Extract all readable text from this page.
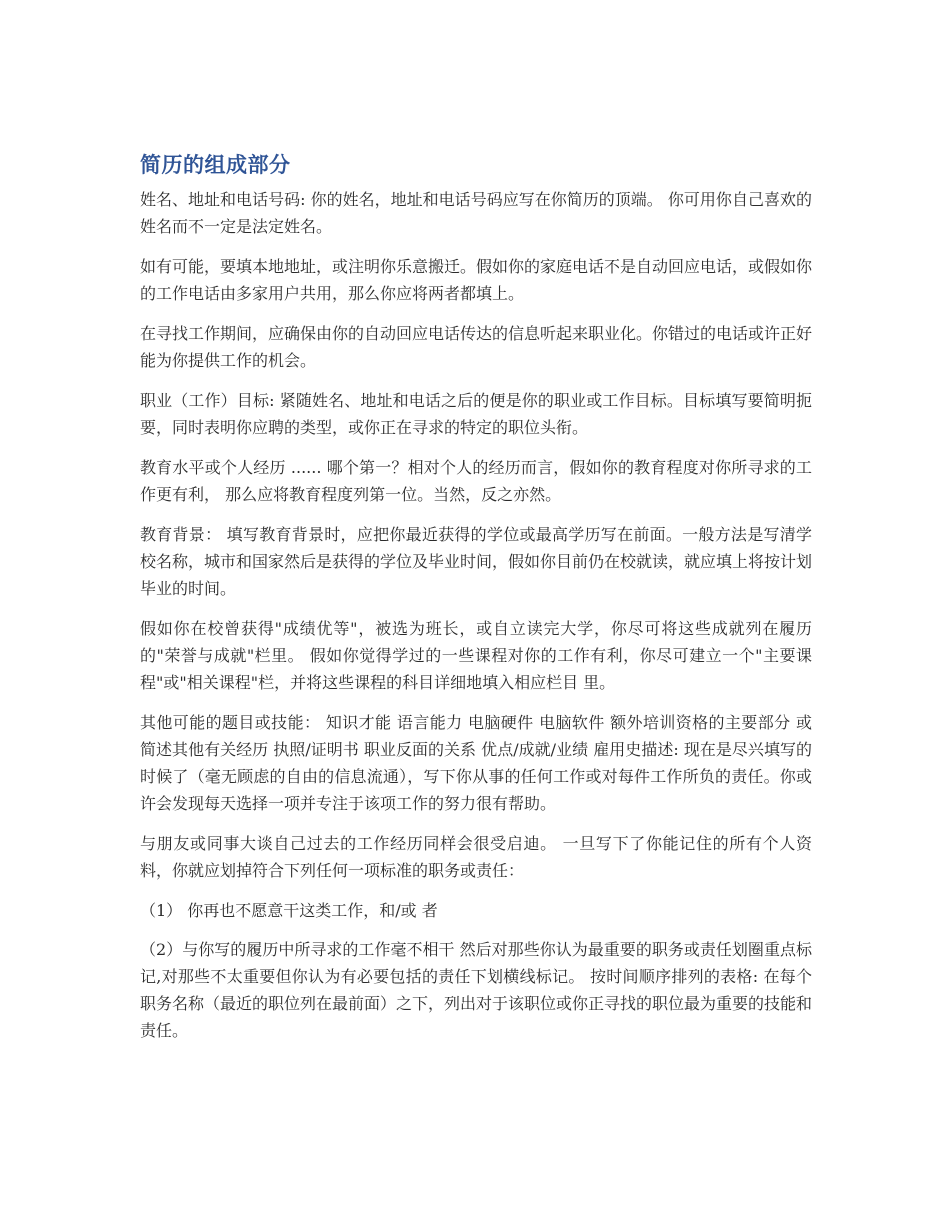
简历的组成部分

姓名、地址和电话号码: 你的姓名，地址和电话号码应写在你简历的顶端。 你可用你自己喜欢的姓名而不一定是法定姓名。

如有可能，要填本地地址，或注明你乐意搬迁。假如你的家庭电话不是自动回应电话，或假如你的工作电话由多家用户共用，那么你应将两者都填上。

在寻找工作期间，应确保由你的自动回应电话传达的信息听起来职业化。你错过的电话或许正好能为你提供工作的机会。

职业（工作）目标: 紧随姓名、地址和电话之后的便是你的职业或工作目标。目标填写要简明扼要，同时表明你应聘的类型，或你正在寻求的特定的职位头衔。

教育水平或个人经历 ...... 哪个第一？相对个人的经历而言，假如你的教育程度对你所寻求的工作更有利， 那么应将教育程度列第一位。当然，反之亦然。

教育背景： 填写教育背景时，应把你最近获得的学位或最高学历写在前面。一般方法是写清学校名称，城市和国家然后是获得的学位及毕业时间，假如你目前仍在校就读，就应填上将按计划毕业的时间。

假如你在校曾获得"成绩优等"，被选为班长，或自立读完大学，你尽可将这些成就列在履历的"荣誉与成就"栏里。 假如你觉得学过的一些课程对你的工作有利，你尽可建立一个"主要课程"或"相关课程"栏，并将这些课程的科目详细地填入相应栏目 里。

其他可能的题目或技能： 知识才能 语言能力 电脑硬件 电脑软件 额外培训资格的主要部分 或 简述其他有关经历 执照/证明书 职业反面的关系 优点/成就/业绩 雇用史描述: 现在是尽兴填写的时候了（毫无顾虑的自由的信息流通），写下你从事的任何工作或对每件工作所负的责任。你或许会发现每天选择一项并专注于该项工作的努力很有帮助。

与朋友或同事大谈自己过去的工作经历同样会很受启迪。 一旦写下了你能记住的所有个人资料，你就应划掉符合下列任何一项标准的职务或责任：

（1） 你再也不愿意干这类工作，和/或 者

（2）与你写的履历中所寻求的工作毫不相干 然后对那些你认为最重要的职务或责任划圈重点标记,对那些不太重要但你认为有必要包括的责任下划横线标记。 按时间顺序排列的表格: 在每个职务名称（最近的职位列在最前面）之下，列出对于该职位或你正寻找的职位最为重要的技能和责任。
